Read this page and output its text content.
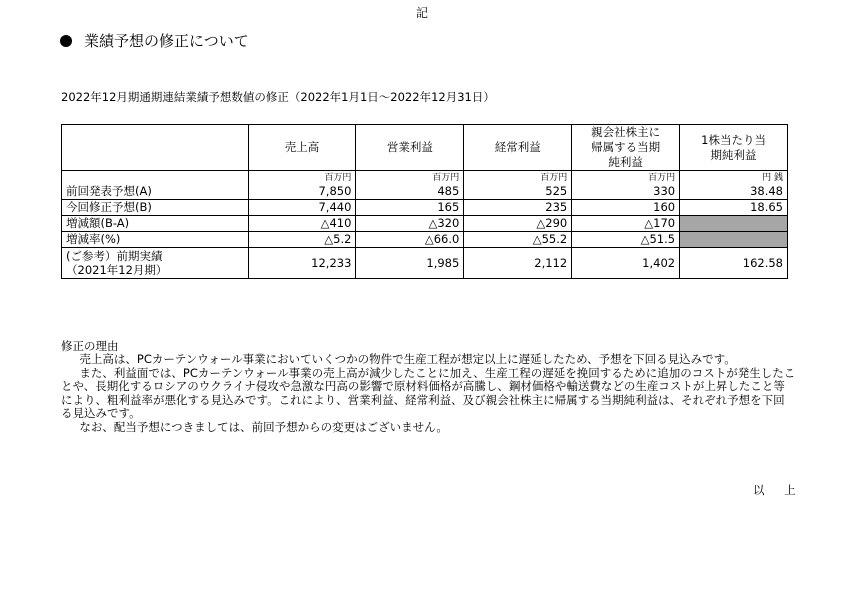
記
業績予想の修正について
2022年12月期通期連結業績予想数値の修正（2022年1月1日～2022年12月31日）
	売上高	営業利益	経常利益	親会社株主に帰属する当期純利益	1株当たり当期純利益
	百万円	百万円	百万円	百万円	円 銭
前回発表予想(A)	7,850	485	525	330	38.48
今回修正予想(B)	7,440	165	235	160	18.65
増減額(B-A)	△410	△320	△290	△170	
増減率(%)	△5.2	△66.0	△55.2	△51.5	
(ご参考）前期実績
（2021年12月期）	12,233	1,985	2,112	1,402	162.58
修正の理由

売上高は、PCカーテンウォール事業においていくつかの物件で生産工程が想定以上に遅延したため、予想を下回る見込みです。

また、利益面では、PCカーテンウォール事業の売上高が減少したことに加え、生産工程の遅延を挽回するために追加のコストが発生したことや、長期化するロシアのウクライナ侵攻や急激な円高の影響で原材料価格が高騰し、鋼材価格や輸送費などの生産コストが上昇したこと等により、粗利益率が悪化する見込みです。これにより、営業利益、経常利益、及び親会社株主に帰属する当期純利益は、それぞれ予想を下回る見込みです。

なお、配当予想につきましては、前回予想からの変更はございません。

以 上
